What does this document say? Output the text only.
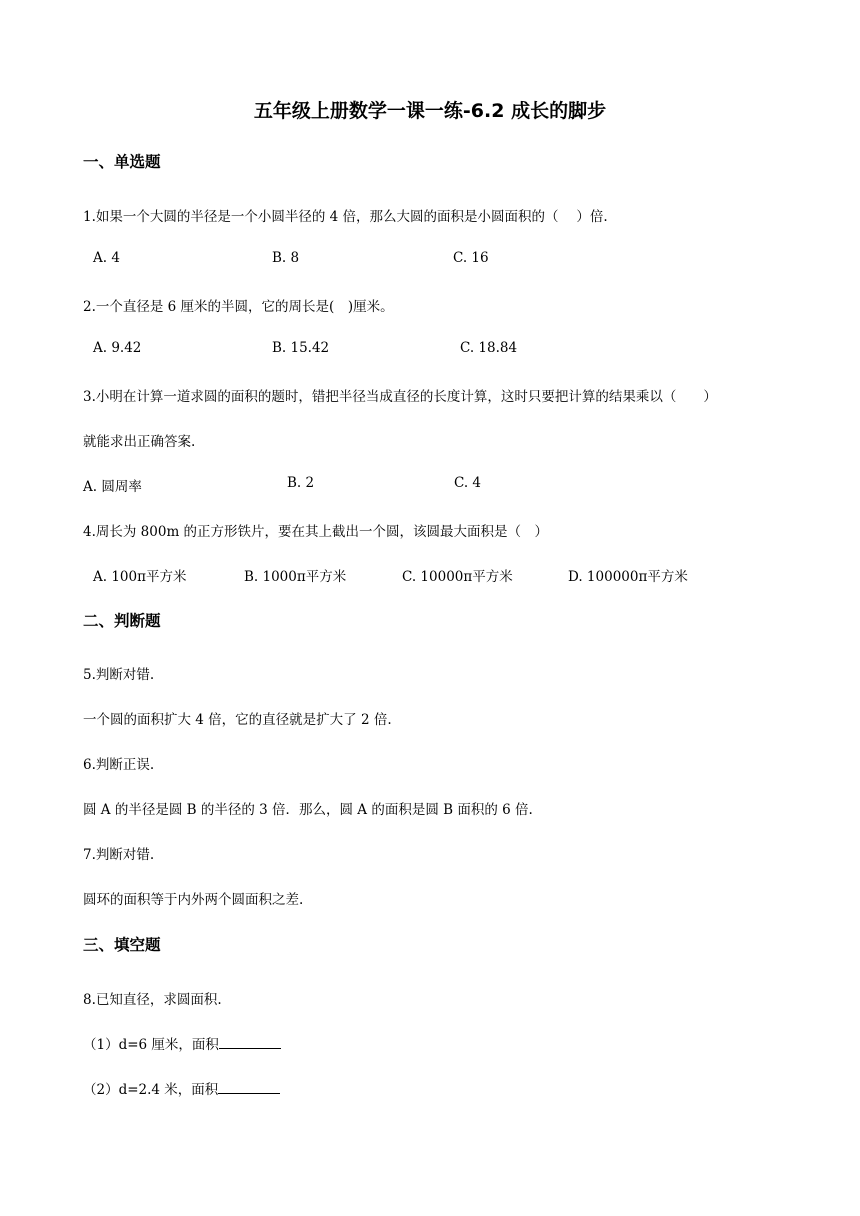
五年级上册数学一课一练-6.2 成长的脚步
一、单选题
1.如果一个大圆的半径是一个小圆半径的 4 倍，那么大圆的面积是小圆面积的（　 ）倍.
A. 4	B. 8	C. 16
2.一个直径是 6 厘米的半圆，它的周长是(　)厘米。
A. 9.42	B. 15.42	C. 18.84
3.小明在计算一道求圆的面积的题时，错把半径当成直径的长度计算，这时只要把计算的结果乘以（　　）
就能求出正确答案.
A. 圆周率	B. 2	C. 4
4.周长为 800m 的正方形铁片，要在其上截出一个圆，该圆最大面积是（　）
A. 100π平方米	B. 1000π平方米	C. 10000π平方米	D. 100000π平方米
二、判断题
5.判断对错.
一个圆的面积扩大 4 倍，它的直径就是扩大了 2 倍.
6.判断正误.
圆 A 的半径是圆 B 的半径的 3 倍．那么，圆 A 的面积是圆 B 面积的 6 倍.
7.判断对错.
圆环的面积等于内外两个圆面积之差.
三、填空题
8.已知直径，求圆面积.
（1）d=6 厘米，面积
（2）d=2.4 米，面积
